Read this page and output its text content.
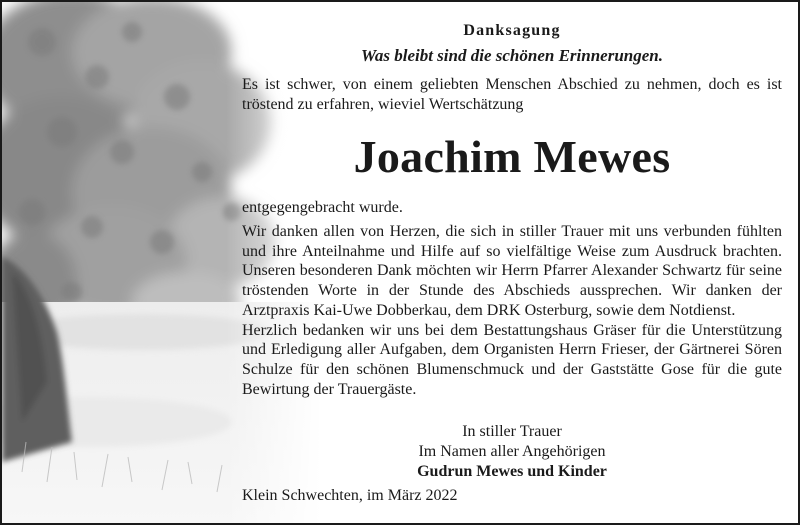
Danksagung
Was bleibt sind die schönen Erinnerungen.
Es ist schwer, von einem geliebten Menschen Abschied zu nehmen, doch es ist tröstend zu erfahren, wieviel Wertschätzung
Joachim Mewes
entgegengebracht wurde.

Wir danken allen von Herzen, die sich in stiller Trauer mit uns verbunden fühlten und ihre Anteilnahme und Hilfe auf so vielfältige Weise zum Ausdruck brachten. Unseren besonderen Dank möchten wir Herrn Pfarrer Alexander Schwartz für seine tröstenden Worte in der Stunde des Abschieds aussprechen. Wir danken der Arztpraxis Kai-Uwe Dobberkau, dem DRK Osterburg, sowie dem Notdienst.

Herzlich bedanken wir uns bei dem Bestattungshaus Gräser für die Unterstützung und Erledigung aller Aufgaben, dem Organisten Herrn Frieser, der Gärtnerei Sören Schulze für den schönen Blumenschmuck und der Gaststätte Gose für die gute Bewirtung der Trauergäste.

In stiller Trauer
Im Namen aller Angehörigen
Gudrun Mewes und Kinder
Klein Schwechten, im März 2022
